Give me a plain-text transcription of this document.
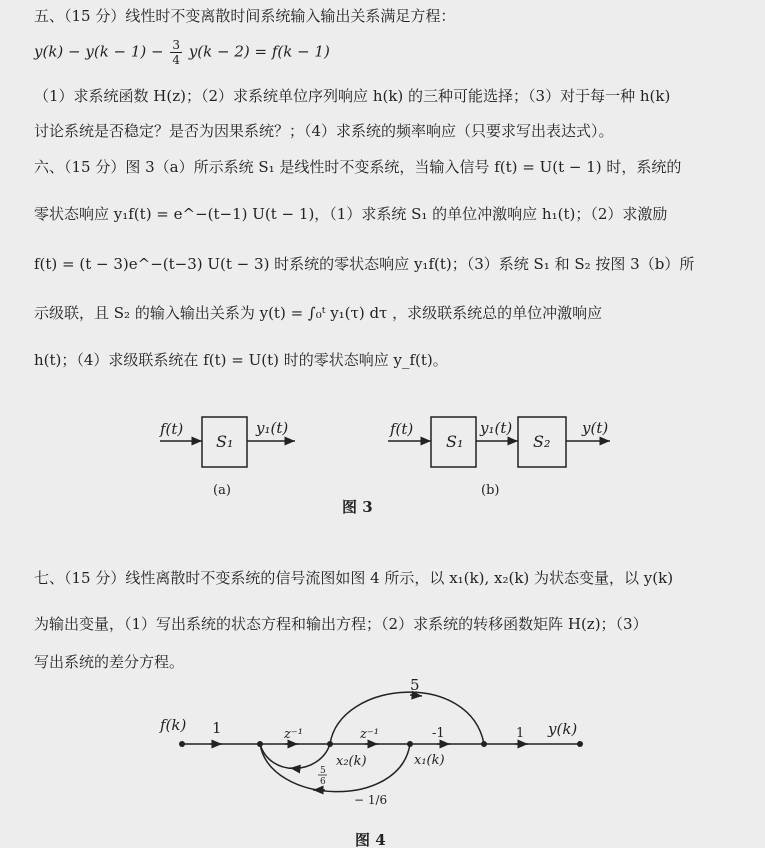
五、（15 分）线性时不变离散时间系统输入输出关系满足方程：
$y(k) - y(k - 1) - \frac{3}{4} y(k - 2) = f(k - 1)$
（1）求系统函数 H(z)；（2）求系统单位序列响应 h(k) 的三种可能选择；（3）对于每一种 h(k)
讨论系统是否稳定？是否为因果系统？；（4）求系统的频率响应（只要求写出表达式）。
六、（15 分）图 3（a）所示系统 S₁ 是线性时不变系统，当输入信号 f(t) = U(t − 1) 时，系统的
零状态响应 y₁f(t) = e^−(t−1) U(t − 1)，（1）求系统 S₁ 的单位冲激响应 h₁(t)；（2）求激励
f(t) = (t − 3)e^−(t−3) U(t − 3) 时系统的零状态响应 y₁f(t)；（3）系统 S₁ 和 S₂ 按图 3（b）所
示级联，且 S₂ 的输入输出关系为 y(t) = ∫₀ᵗ y₁(τ) dτ ，求级联系统总的单位冲激响应
h(t)；（4）求级联系统在 f(t) = U(t) 时的零状态响应 y_f(t)。
f(t)
S₁
y₁(t)
(a)
f(t)
S₁
y₁(t)
S₂
y(t)
(b)
图 3
f(k) 1	z⁻¹	z⁻¹	-1	1 y(k)
5
x₂(k)	x₁(k)
5
6
− 1/6
图 4
七、（15 分）线性离散时不变系统的信号流图如图 4 所示，以 x₁(k), x₂(k) 为状态变量，以 y(k)
为输出变量，（1）写出系统的状态方程和输出方程；（2）求系统的转移函数矩阵 H(z)；（3）
写出系统的差分方程。
